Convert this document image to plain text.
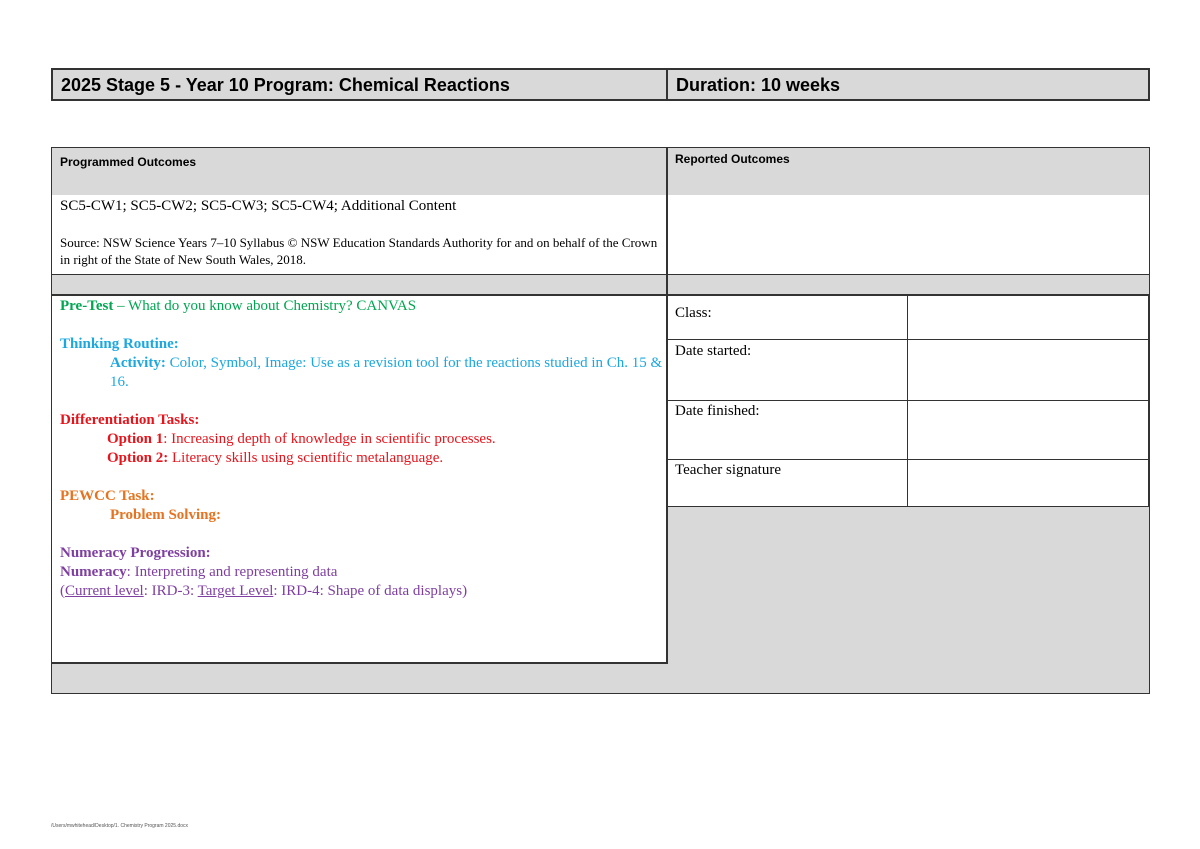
2025 Stage 5 - Year 10 Program: Chemical Reactions	Duration: 10 weeks
Programmed Outcomes	Reported Outcomes
SC5-CW1; SC5-CW2; SC5-CW3; SC5-CW4; Additional Content
Source: NSW Science Years 7–10 Syllabus © NSW Education Standards Authority for and on behalf of the Crown in right of the State of New South Wales, 2018.
Pre-Test – What do you know about Chemistry? CANVAS
Thinking Routine:
Activity: Color, Symbol, Image: Use as a revision tool for the reactions studied in Ch. 15 & 16.
Differentiation Tasks:
Option 1: Increasing depth of knowledge in scientific processes.
Option 2: Literacy skills using scientific metalanguage.
PEWCC Task:
Problem Solving:
Numeracy Progression:
Numeracy: Interpreting and representing data
(Current level: IRD-3: Target Level: IRD-4: Shape of data displays)
Class:
Date started:
Date finished:
Teacher signature
/Users/mwhitehead/Desktop/1. Chemistry Program 2025.docx
